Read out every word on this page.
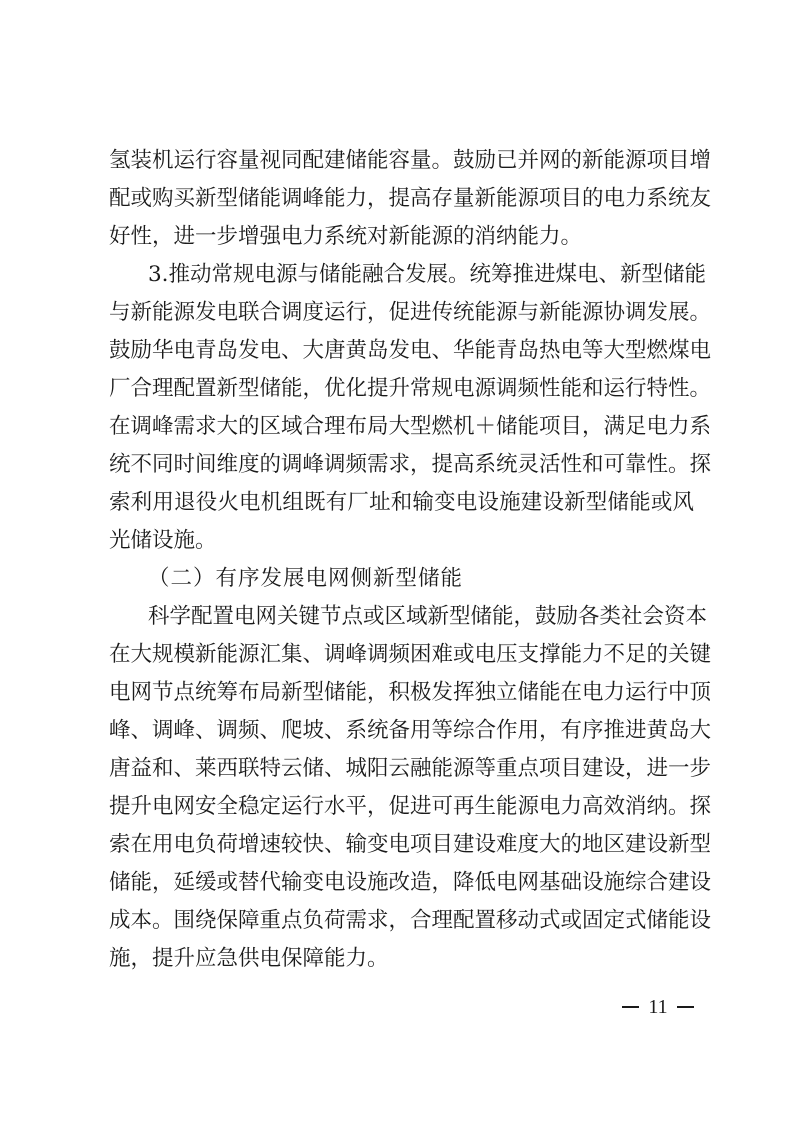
氢装机运行容量视同配建储能容量。鼓励已并网的新能源项目增
配或购买新型储能调峰能力，提高存量新能源项目的电力系统友
好性，进一步增强电力系统对新能源的消纳能力。
3.推动常规电源与储能融合发展。统筹推进煤电、新型储能
与新能源发电联合调度运行，促进传统能源与新能源协调发展。
鼓励华电青岛发电、大唐黄岛发电、华能青岛热电等大型燃煤电
厂合理配置新型储能，优化提升常规电源调频性能和运行特性。
在调峰需求大的区域合理布局大型燃机＋储能项目，满足电力系
统不同时间维度的调峰调频需求，提高系统灵活性和可靠性。探
索利用退役火电机组既有厂址和输变电设施建设新型储能或风
光储设施。
（二）有序发展电网侧新型储能
科学配置电网关键节点或区域新型储能，鼓励各类社会资本
在大规模新能源汇集、调峰调频困难或电压支撑能力不足的关键
电网节点统筹布局新型储能，积极发挥独立储能在电力运行中顶
峰、调峰、调频、爬坡、系统备用等综合作用，有序推进黄岛大
唐益和、莱西联特云储、城阳云融能源等重点项目建设，进一步
提升电网安全稳定运行水平，促进可再生能源电力高效消纳。探
索在用电负荷增速较快、输变电项目建设难度大的地区建设新型
储能，延缓或替代输变电设施改造，降低电网基础设施综合建设
成本。围绕保障重点负荷需求，合理配置移动式或固定式储能设
施，提升应急供电保障能力。
11
